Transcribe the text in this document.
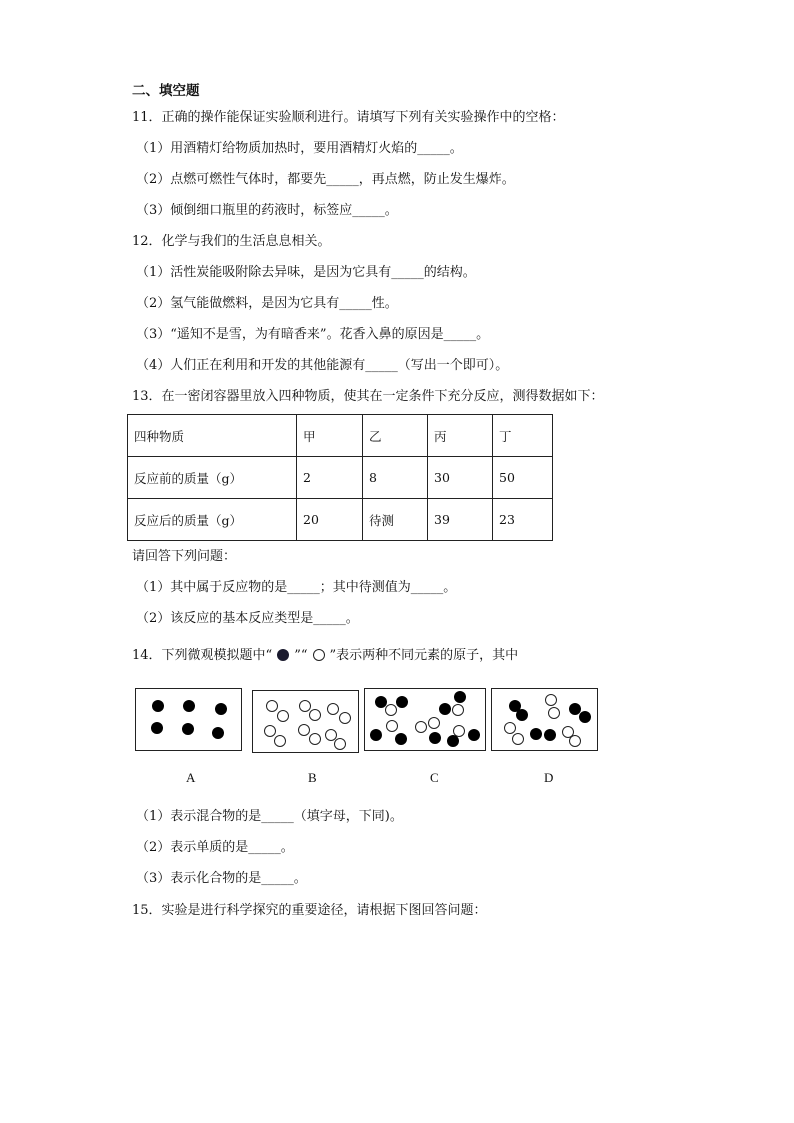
二、填空题
11．正确的操作能保证实验顺利进行。请填写下列有关实验操作中的空格：
（1）用酒精灯给物质加热时，要用酒精灯火焰的_____。
（2）点燃可燃性气体时，都要先_____，再点燃，防止发生爆炸。
（3）倾倒细口瓶里的药液时，标签应_____。
12．化学与我们的生活息息相关。
（1）活性炭能吸附除去异味，是因为它具有_____的结构。
（2）氢气能做燃料，是因为它具有_____性。
（3）“遥知不是雪，为有暗香来”。花香入鼻的原因是_____。
（4）人们正在利用和开发的其他能源有_____（写出一个即可）。
13．在一密闭容器里放入四种物质，使其在一定条件下充分反应，测得数据如下：
四种物质	甲	乙	丙	丁
反应前的质量（g）	2	8	30	50
反应后的质量（g）	20	待测	39	23
请回答下列问题：
（1）其中属于反应物的是_____；其中待测值为_____。
（2）该反应的基本反应类型是_____。
14．下列微观模拟题中“ ”“ ”表示两种不同元素的原子，其中
A	B	C	D
（1）表示混合物的是_____（填字母，下同)。
（2）表示单质的是_____。
（3）表示化合物的是_____。
15．实验是进行科学探究的重要途径，请根据下图回答问题：
